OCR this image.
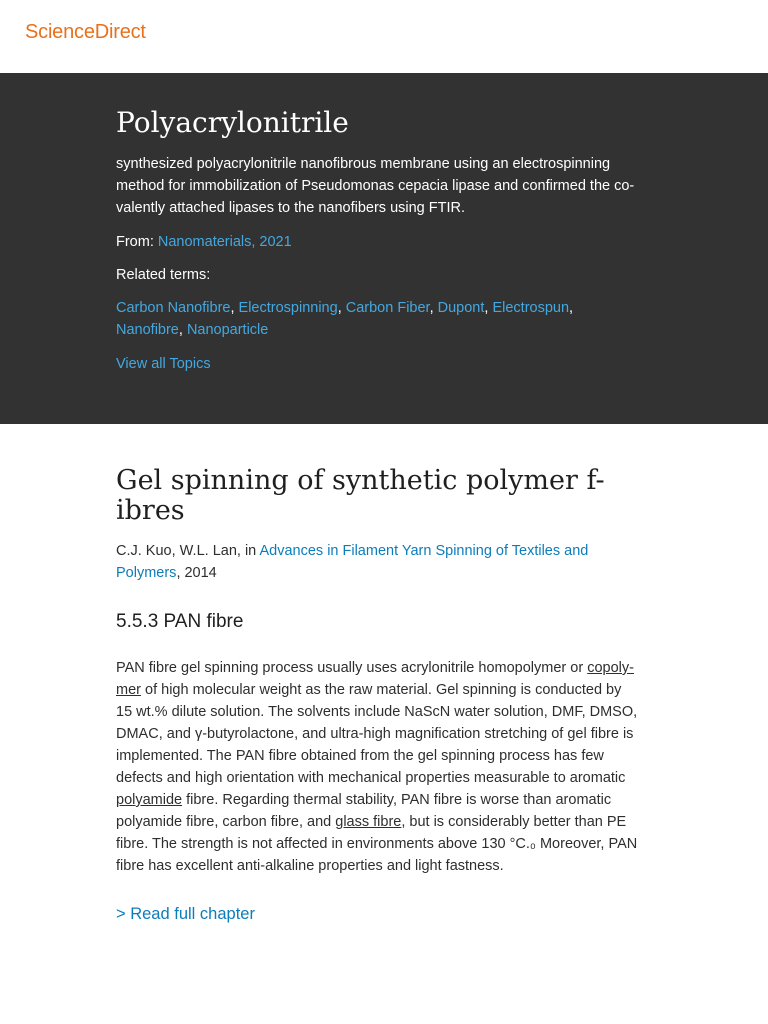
ScienceDirect
Polyacrylonitrile

synthesized polyacrylonitrile nanofibrous membrane using an electrospinning method for immobilization of Pseudomonas cepacia lipase and confirmed the co-valently attached lipases to the nanofibers using FTIR.

From: Nanomaterials, 2021

Related terms:

Carbon Nanofibre, Electrospinning, Carbon Fiber, Dupont, Electrospun, Nanofibre, Nanoparticle

View all Topics

Gel spinning of synthetic polymer f-ibres

C.J. Kuo, W.L. Lan, in Advances in Filament Yarn Spinning of Textiles and Polymers, 2014

5.5.3 PAN fibre

PAN fibre gel spinning process usually uses acrylonitrile homopolymer or copoly-mer of high molecular weight as the raw material. Gel spinning is conducted by 15 wt.% dilute solution. The solvents include NaScN water solution, DMF, DMSO, DMAC, and γ-butyrolactone, and ultra-high magnification stretching of gel fibre is implemented. The PAN fibre obtained from the gel spinning process has few defects and high orientation with mechanical properties measurable to aromatic polyamide fibre. Regarding thermal stability, PAN fibre is worse than aromatic polyamide fibre, carbon fibre, and glass fibre, but is considerably better than PE fibre. The strength is not affected in environments above 130 °C.₀ Moreover, PAN fibre has excellent anti-alkaline properties and light fastness.

> Read full chapter
